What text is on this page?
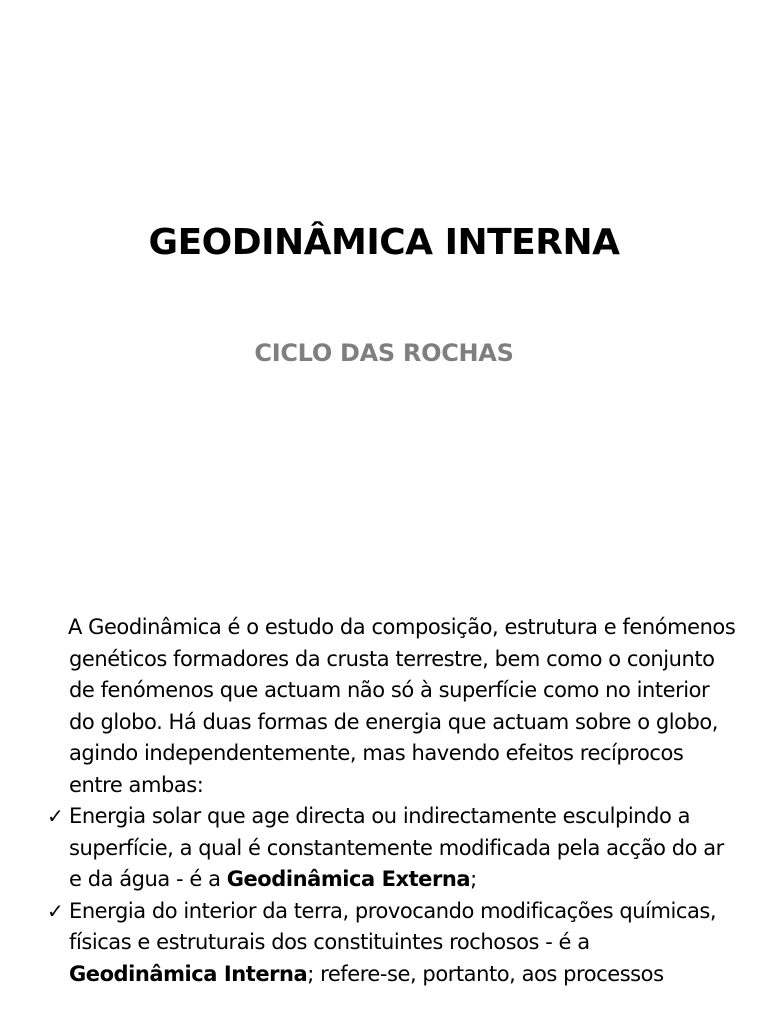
GEODINÂMICA INTERNA
CICLO DAS ROCHAS

A Geodinâmica é o estudo da composição, estrutura e fenómenos genéticos formadores da crusta terrestre, bem como o conjunto de fenómenos que actuam não só à superfície como no interior do globo. Há duas formas de energia que actuam sobre o globo, agindo independentemente, mas havendo efeitos recíprocos entre ambas:

✓ Energia solar que age directa ou indirectamente esculpindo a superfície, a qual é constantemente modificada pela acção do ar e da água - é a Geodinâmica Externa;
✓ Energia do interior da terra, provocando modificações químicas, físicas e estruturais dos constituintes rochosos - é a Geodinâmica Interna; refere-se, portanto, aos processos
